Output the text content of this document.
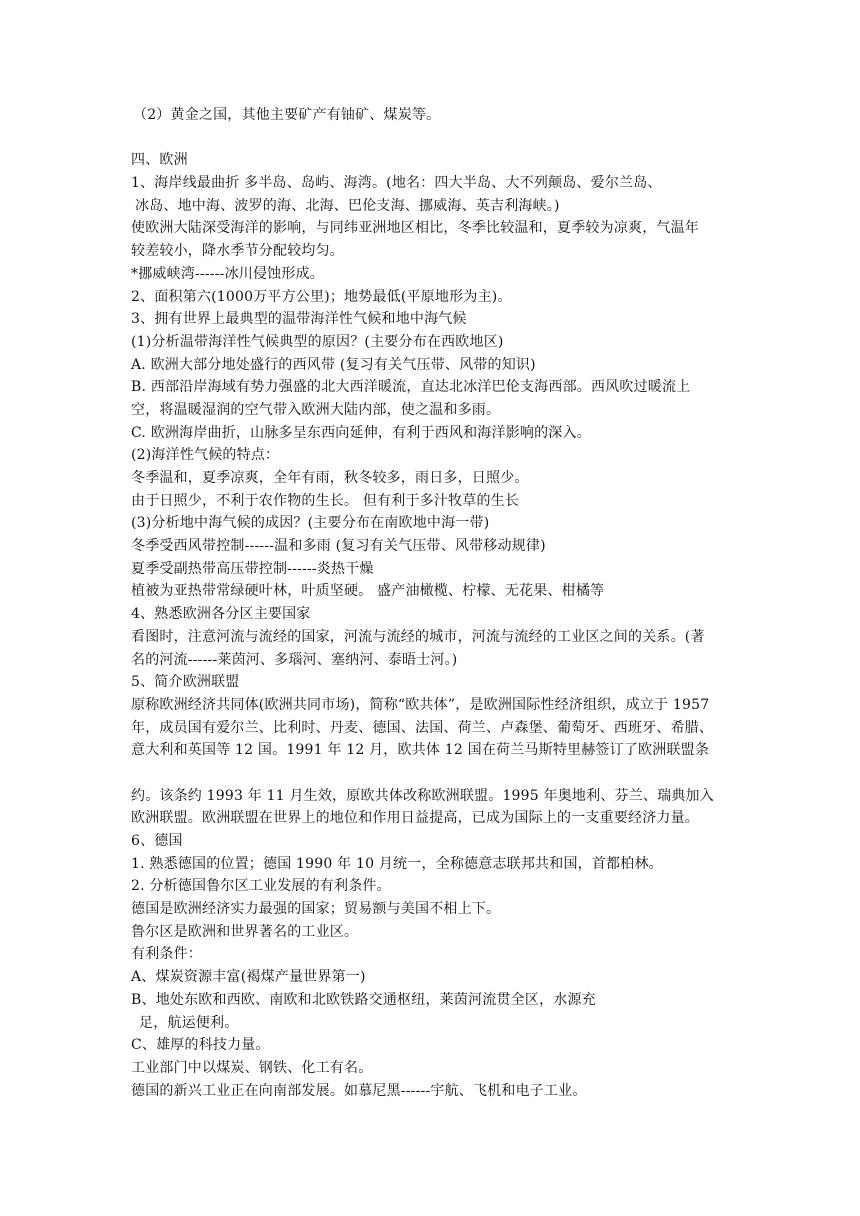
（2）黄金之国，其他主要矿产有铀矿、煤炭等。
四、欧洲
1、海岸线最曲折 多半岛、岛屿、海湾。(地名：四大半岛、大不列颠岛、爱尔兰岛、
冰岛、地中海、波罗的海、北海、巴伦支海、挪威海、英吉利海峡。)
使欧洲大陆深受海洋的影响，与同纬亚洲地区相比，冬季比较温和，夏季较为凉爽，气温年
较差较小，降水季节分配较均匀。
*挪威峡湾------冰川侵蚀形成。
2、面积第六(1000万平方公里)；地势最低(平原地形为主)。
3、拥有世界上最典型的温带海洋性气候和地中海气候
(1)分析温带海洋性气候典型的原因？(主要分布在西欧地区)
A. 欧洲大部分地处盛行的西风带 (复习有关气压带、风带的知识)
B. 西部沿岸海域有势力强盛的北大西洋暖流，直达北冰洋巴伦支海西部。西风吹过暖流上
空，将温暖湿润的空气带入欧洲大陆内部，使之温和多雨。
C. 欧洲海岸曲折，山脉多呈东西向延伸，有利于西风和海洋影响的深入。
(2)海洋性气候的特点：
冬季温和，夏季凉爽，全年有雨，秋冬较多，雨日多，日照少。
由于日照少，不利于农作物的生长。 但有利于多汁牧草的生长
(3)分析地中海气候的成因？(主要分布在南欧地中海一带)
冬季受西风带控制------温和多雨 (复习有关气压带、风带移动规律)
夏季受副热带高压带控制------炎热干燥
植被为亚热带常绿硬叶林，叶质坚硬。 盛产油橄榄、柠檬、无花果、柑橘等
4、熟悉欧洲各分区主要国家
看图时，注意河流与流经的国家，河流与流经的城市，河流与流经的工业区之间的关系。(著
名的河流------莱茵河、多瑙河、塞纳河、泰晤士河。)
5、简介欧洲联盟
原称欧洲经济共同体(欧洲共同市场)，简称“欧共体”，是欧洲国际性经济组织，成立于 1957
年，成员国有爱尔兰、比利时、丹麦、德国、法国、荷兰、卢森堡、葡萄牙、西班牙、希腊、
意大利和英国等 12 国。1991 年 12 月，欧共体 12 国在荷兰马斯特里赫签订了欧洲联盟条
约。该条约 1993 年 11 月生效，原欧共体改称欧洲联盟。1995 年奥地利、芬兰、瑞典加入
欧洲联盟。欧洲联盟在世界上的地位和作用日益提高，已成为国际上的一支重要经济力量。
6、德国
1. 熟悉德国的位置；德国 1990 年 10 月统一，全称德意志联邦共和国，首都柏林。
2. 分析德国鲁尔区工业发展的有利条件。
德国是欧洲经济实力最强的国家；贸易额与美国不相上下。
鲁尔区是欧洲和世界著名的工业区。
有利条件：
A、煤炭资源丰富(褐煤产量世界第一)
B、地处东欧和西欧、南欧和北欧铁路交通枢纽，莱茵河流贯全区，水源充
足，航运便利。
C、雄厚的科技力量。
工业部门中以煤炭、钢铁、化工有名。
德国的新兴工业正在向南部发展。如慕尼黑------宇航、飞机和电子工业。
